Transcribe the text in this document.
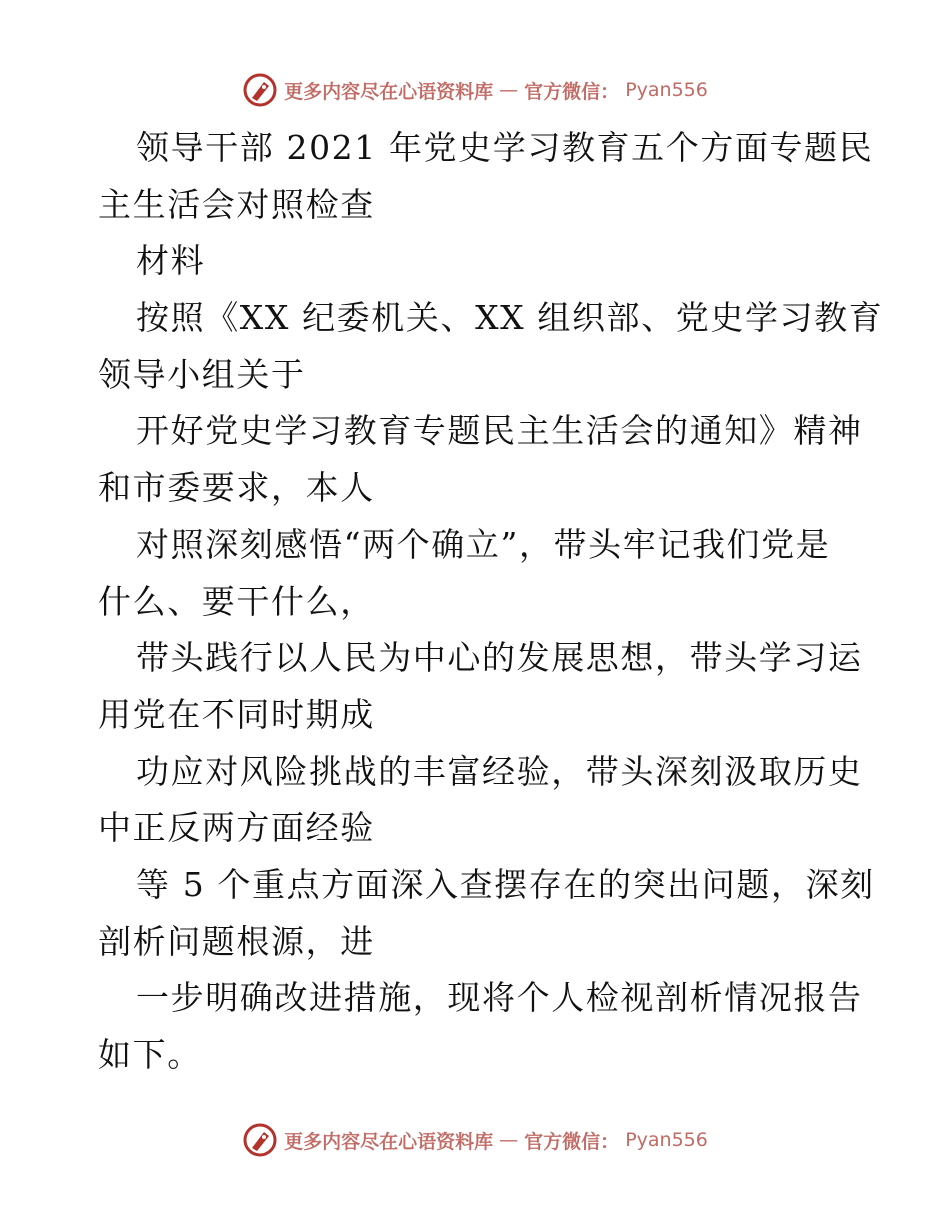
更多内容尽在心语资料库 — 官方微信： Pyan556
领导干部 2021 年党史学习教育五个方面专题民
主生活会对照检查
材料
按照《XX 纪委机关、XX 组织部、党史学习教育
领导小组关于
开好党史学习教育专题民主生活会的通知》精神
和市委要求，本人
对照深刻感悟“两个确立”，带头牢记我们党是
什么、要干什么，
带头践行以人民为中心的发展思想，带头学习运
用党在不同时期成
功应对风险挑战的丰富经验，带头深刻汲取历史
中正反两方面经验
等 5 个重点方面深入查摆存在的突出问题，深刻
剖析问题根源，进
一步明确改进措施，现将个人检视剖析情况报告
如下。
更多内容尽在心语资料库 — 官方微信： Pyan556
